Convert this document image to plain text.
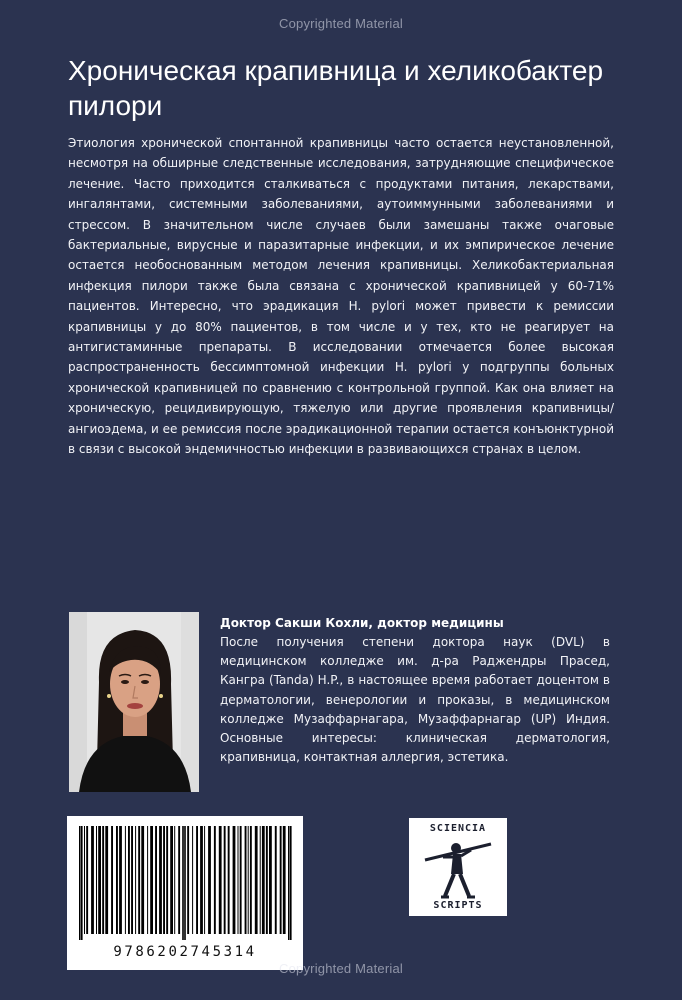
Copyrighted Material
Хроническая крапивница и хеликобактер пилори

Этиология хронической спонтанной крапивницы часто остается неустановленной, несмотря на обширные следственные исследования, затрудняющие специфическое лечение. Часто приходится сталкиваться с продуктами питания, лекарствами, ингалянтами, системными заболеваниями, аутоиммунными заболеваниями и стрессом. В значительном числе случаев были замешаны также очаговые бактериальные, вирусные и паразитарные инфекции, и их эмпирическое лечение остается необоснованным методом лечения крапивницы. Хеликобактериальная инфекция пилори также была связана с хронической крапивницей у 60-71% пациентов. Интересно, что эрадикация H. pylori может привести к ремиссии крапивницы у до 80% пациентов, в том числе и у тех, кто не реагирует на антигистаминные препараты. В исследовании отмечается более высокая распространенность бессимптомной инфекции H. pylori у подгруппы больных хронической крапивницей по сравнению с контрольной группой. Как она влияет на хроническую, рецидивирующую, тяжелую или другие проявления крапивницы/ангиоэдема, и ее ремиссия после эрадикационной терапии остается конъюнктурной в связи с высокой эндемичностью инфекции в развивающихся странах в целом.

Доктор Сакши Кохли, доктор медицины

После получения степени доктора наук (DVL) в медицинском колледже им. д-ра Раджендры Прасед, Кангра (Tanda) H.P., в настоящее время работает доцентом в дерматологии, венерологии и проказы, в медицинском колледже Музаффарнагара, Музаффарнагар (UP) Индия. Основные интересы: клиническая дерматология, крапивница, контактная аллергия, эстетика.

9786202745314
SCIENCIA
SCRIPTS
Copyrighted Material
